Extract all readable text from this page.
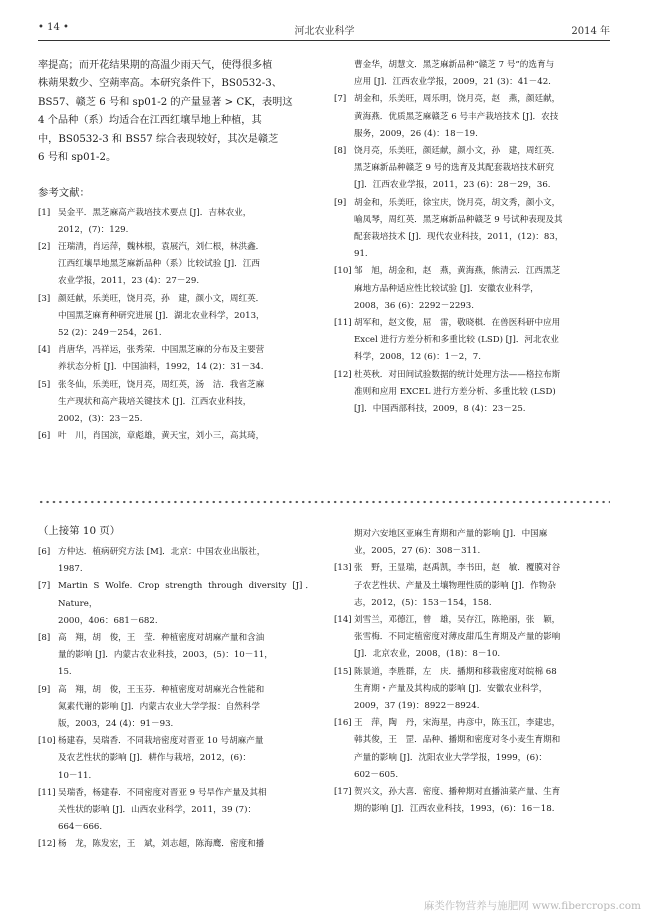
• 14 •	河北农业科学	2014 年
率提高；而开花结果期的高温少雨天气，使得很多植
株蒴果数少、空蒴率高。本研究条件下，BS0532-3、
BS57、赣芝 6 号和 sp01-2 的产量显著 > CK，表明这
4 个品种（系）均适合在江西红壤旱地上种植，其
中，BS0532-3 和 BS57 综合表现较好，其次是赣芝
6 号和 sp01-2。
参考文献：
[1] 吴金平．黑芝麻高产栽培技术要点 [J]．吉林农业，
2012，(7)：129.
[2] 汪瑞清，肖运萍，魏林根，袁展汽，刘仁根，林洪鑫．
江西红壤旱地黑芝麻新品种（系）比较试验 [J]．江西
农业学报，2011，23 (4)：27－29.
[3] 颜廷献，乐美旺，饶月亮，孙　建，颜小文，周红英．
中国黑芝麻育种研究进展 [J]．湖北农业科学，2013，
52 (2)：249－254，261.
[4] 肖唐华，冯祥运，张秀荣．中国黑芝麻的分布及主要营
养状态分析 [J]．中国油料，1992，14 (2)：31－34.
[5] 张冬仙，乐美旺，饶月亮，周红英，汤　洁．我省芝麻
生产现状和高产栽培关键技术 [J]．江西农业科技，
2002，(3)：23－25.
[6] 叶　川，肖国滨，章彪雄，黄天宝，刘小三，高其琦，
曹金华，胡慧文．黑芝麻新品种“赣芝 7 号”的选育与
应用 [J]．江西农业学报，2009，21 (3)：41－42.
[7] 胡金和，乐美旺，周乐明，饶月亮，赵　燕，颜廷献，
黄海燕．优质黑芝麻赣芝 6 号丰产栽培技术 [J]．农技
服务，2009，26 (4)：18－19.
[8] 饶月亮，乐美旺，颜廷献，颜小文，孙　建，周红英．
黑芝麻新品种赣芝 9 号的选育及其配套栽培技术研究
[J]．江西农业学报，2011，23 (6)：28－29，36.
[9] 胡金和，乐美旺，徐宝庆，饶月亮，胡文秀，颜小文，
喻凤琴，周红英．黑芝麻新品种赣芝 9 号试种表现及其
配套栽培技术 [J]．现代农业科技，2011，(12)：83，
91.
[10] 邹　旭，胡金和，赵　燕，黄海燕，熊清云．江西黑芝
麻地方品种适应性比较试验 [J]．安徽农业科学，
2008，36 (6)：2292－2293.
[11] 胡军和，赵文俊，屈　雷，敬晓棋．在兽医科研中应用
Excel 进行方差分析和多重比较 (LSD) [J]．河北农业
科学，2008，12 (6)：1－2，7.
[12] 杜英秋．对田间试验数据的统计处理方法——格拉布斯
准则和应用 EXCEL 进行方差分析、多重比较 (LSD)
[J]．中国西部科技，2009，8 (4)：23－25.
（上接第 10 页）
[6] 方仲达．植病研究方法 [M]．北京：中国农业出版社，
1987.
[7] Martin S Wolfe. Crop strength through diversity [J]．Nature，
2000，406：681－682.
[8] 高　翔，胡　俊，王　莹．种植密度对胡麻产量和含油
量的影响 [J]．内蒙古农业科技，2003，(5)：10－11，
15.
[9] 高　翔，胡　俊，王玉芬．种植密度对胡麻光合性能和
氮素代谢的影响 [J]．内蒙古农业大学学报：自然科学
版，2003，24 (4)：91－93.
[10] 杨建春，吴瑞香．不同栽培密度对晋亚 10 号胡麻产量
及农艺性状的影响 [J]．耕作与栽培，2012，(6)：
10－11.
[11] 吴瑞香，杨建春．不同密度对晋亚 9 号旱作产量及其相
关性状的影响 [J]．山西农业科学，2011，39 (7)：
664－666.
[12] 杨　龙，陈发宏，王　斌，刘志超，陈海鹰．密度和播
期对六安地区亚麻生育期和产量的影响 [J]．中国麻
业，2005，27 (6)：308－311.
[13] 张　野，王显瑞，赵禹凯，李书田，赵　敏．覆膜对谷
子农艺性状、产量及土壤物理性质的影响 [J]．作物杂
志，2012，(5)：153－154，158.
[14] 刘雪兰，邓德江，曾　雄，吴存江，陈艳丽，张　颖，
张雪梅．不同定植密度对薄皮甜瓜生育期及产量的影响
[J]．北京农业，2008，(18)：8－10.
[15] 陈景道，李胜群，左　庆．播期和移栽密度对皖棉 68
生育期・产量及其构成的影响 [J]．安徽农业科学，
2009，37 (19)：8922－8924.
[16] 王　萍，陶　丹，宋海星，冉彦中，陈玉江，李建忠，
韩其俊，王　罡．品种、播期和密度对冬小麦生育期和
产量的影响 [J]．沈阳农业大学学报，1999，(6)：
602－605.
[17] 贺兴文，孙大喜．密度、播种期对直播油菜产量、生育
期的影响 [J]．江西农业科技，1993，(6)：16－18.
麻类作物营养与施肥网 www.fibercrops.com
